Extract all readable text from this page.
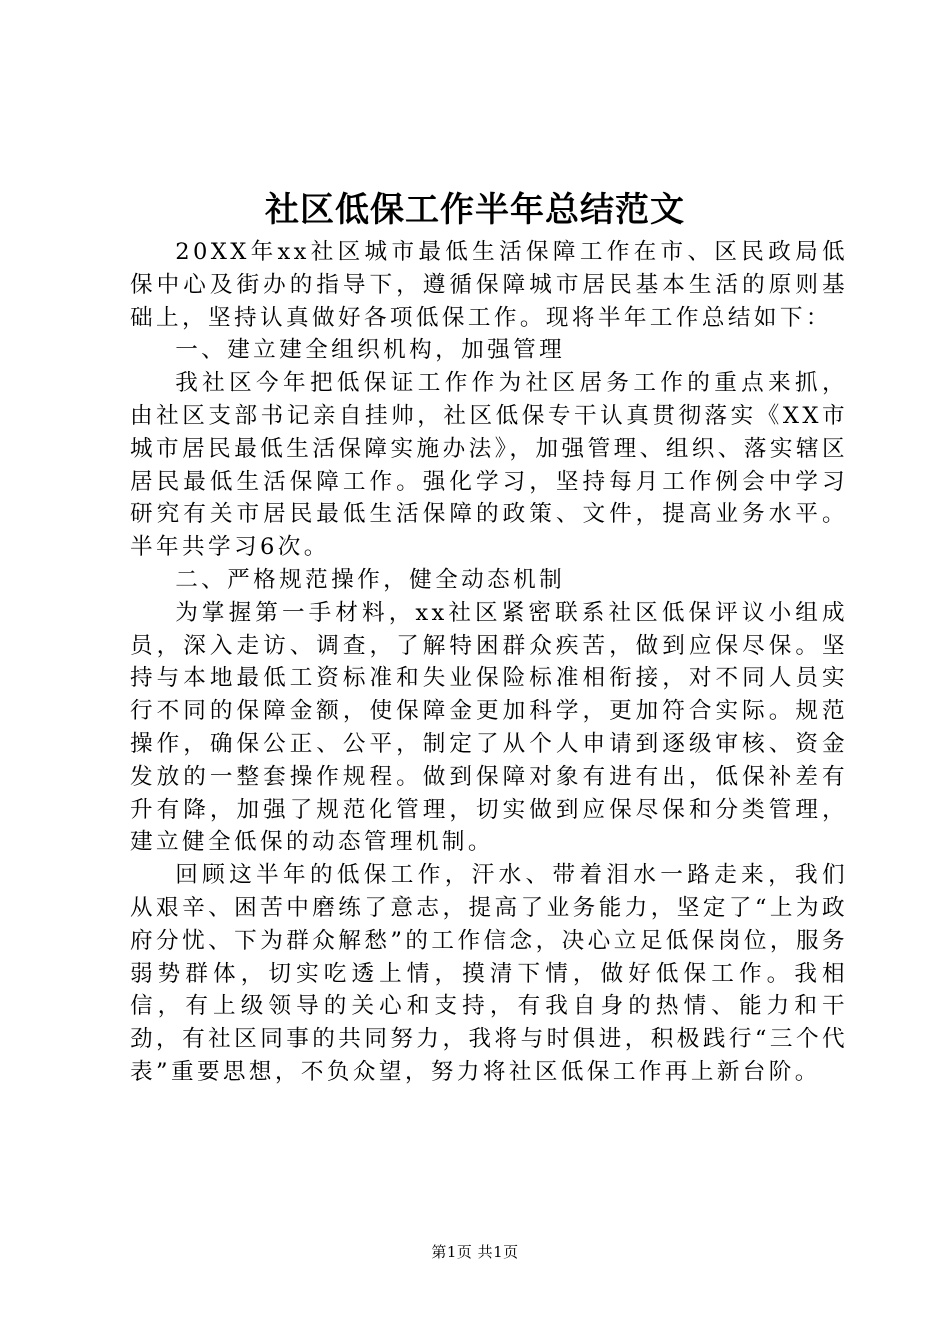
社区低保工作半年总结范文

20XX年xx社区城市最低生活保障工作在市、区民政局低保中心及街办的指导下，遵循保障城市居民基本生活的原则基础上，坚持认真做好各项低保工作。现将半年工作总结如下：

一、建立建全组织机构，加强管理

我社区今年把低保证工作作为社区居务工作的重点来抓，由社区支部书记亲自挂帅，社区低保专干认真贯彻落实《XX市城市居民最低生活保障实施办法》，加强管理、组织、落实辖区居民最低生活保障工作。强化学习，坚持每月工作例会中学习研究有关市居民最低生活保障的政策、文件，提高业务水平。半年共学习6次。

二、严格规范操作，健全动态机制

为掌握第一手材料，xx社区紧密联系社区低保评议小组成员，深入走访、调查，了解特困群众疾苦，做到应保尽保。坚持与本地最低工资标准和失业保险标准相衔接，对不同人员实行不同的保障金额，使保障金更加科学，更加符合实际。规范操作，确保公正、公平，制定了从个人申请到逐级审核、资金发放的一整套操作规程。做到保障对象有进有出，低保补差有升有降，加强了规范化管理，切实做到应保尽保和分类管理，建立健全低保的动态管理机制。

回顾这半年的低保工作，汗水、带着泪水一路走来，我们从艰辛、困苦中磨练了意志，提高了业务能力，坚定了“上为政府分忧、下为群众解愁”的工作信念，决心立足低保岗位，服务弱势群体，切实吃透上情，摸清下情，做好低保工作。我相信，有上级领导的关心和支持，有我自身的热情、能力和干劲，有社区同事的共同努力，我将与时俱进，积极践行“三个代表”重要思想，不负众望，努力将社区低保工作再上新台阶。

第1页 共1页
